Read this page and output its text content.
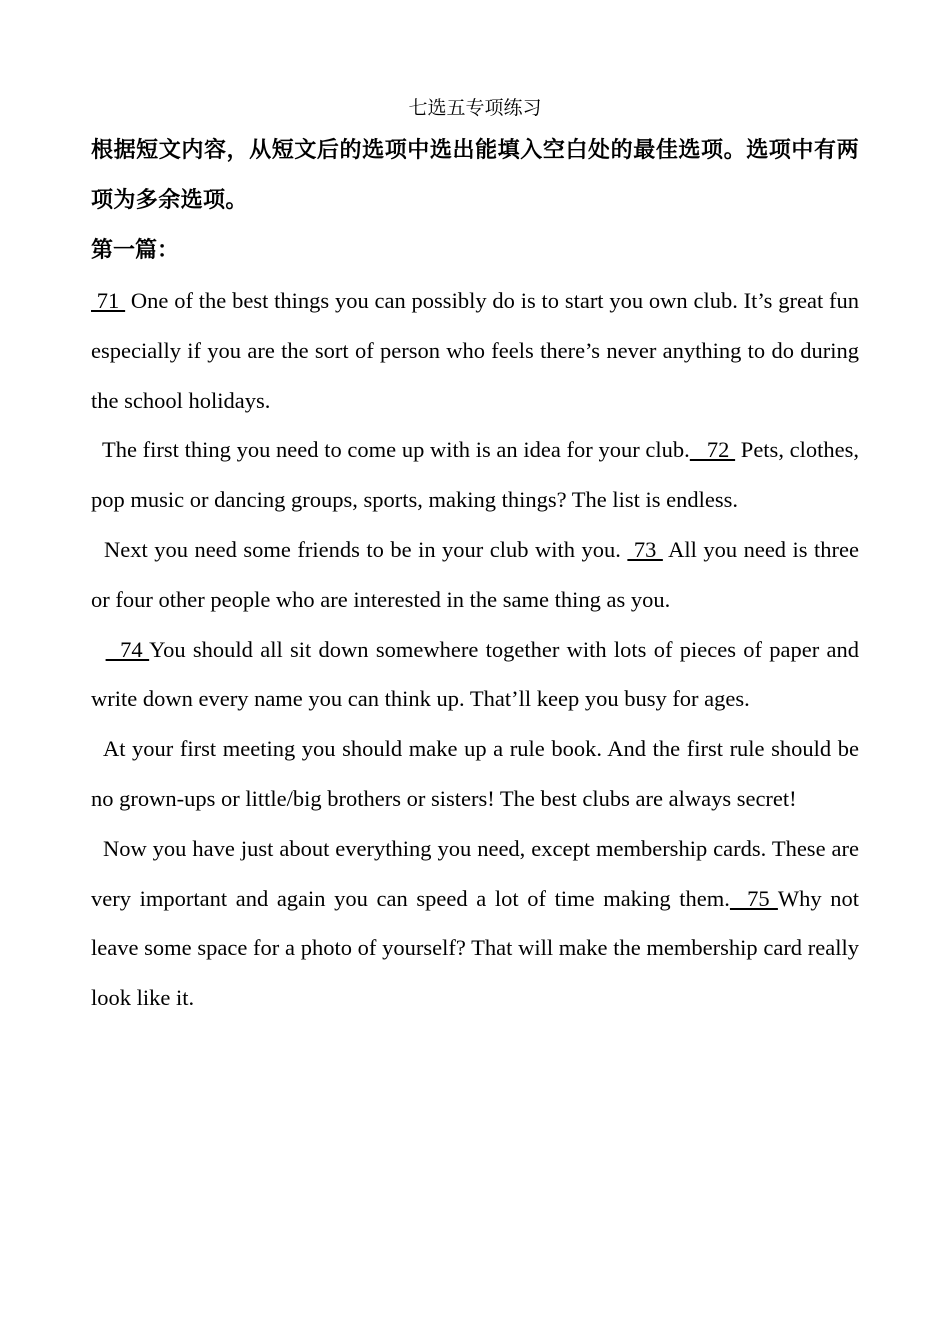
七选五专项练习

根据短文内容，从短文后的选项中选出能填入空白处的最佳选项。选项中有两项为多余选项。

第一篇：

71  One of the best things you can possibly do is to start you own club. It’s great fun especially if you are the sort of person who feels there’s never anything to do during the school holidays.

The first thing you need to come up with is an idea for your club.   72  Pets, clothes, pop music or dancing groups, sports, making things? The list is endless.

Next you need some friends to be in your club with you.  73  All you need is three or four other people who are interested in the same thing as you.

74 You should all sit down somewhere together with lots of pieces of paper and write down every name you can think up. That’ll keep you busy for ages.

At your first meeting you should make up a rule book. And the first rule should be no grown-ups or little/big brothers or sisters! The best clubs are always secret!

Now you have just about everything you need, except membership cards. These are very important and again you can speed a lot of time making them.  75 Why not leave some space for a photo of yourself? That will make the membership card really look like it.
